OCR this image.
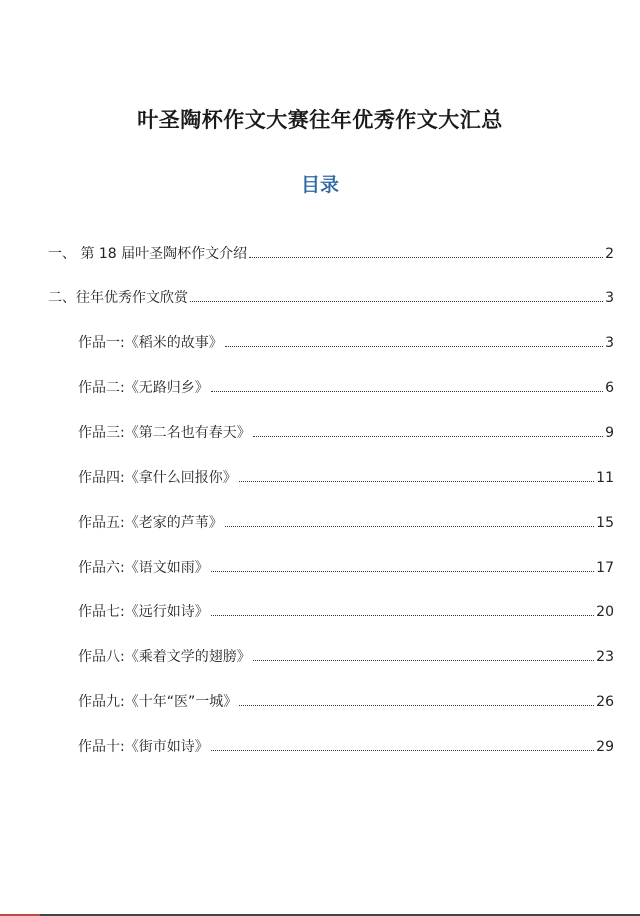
叶圣陶杯作文大赛往年优秀作文大汇总
目录
一、 第 18 届叶圣陶杯作文介绍	2
二、往年优秀作文欣赏	3
作品一:《稻米的故事》	3
作品二:《无路归乡》	6
作品三:《第二名也有春天》	9
作品四:《拿什么回报你》	11
作品五:《老家的芦苇》	15
作品六:《语文如雨》	17
作品七:《远行如诗》	20
作品八:《乘着文学的翅膀》	23
作品九:《十年“医”一城》	26
作品十:《街市如诗》	29
